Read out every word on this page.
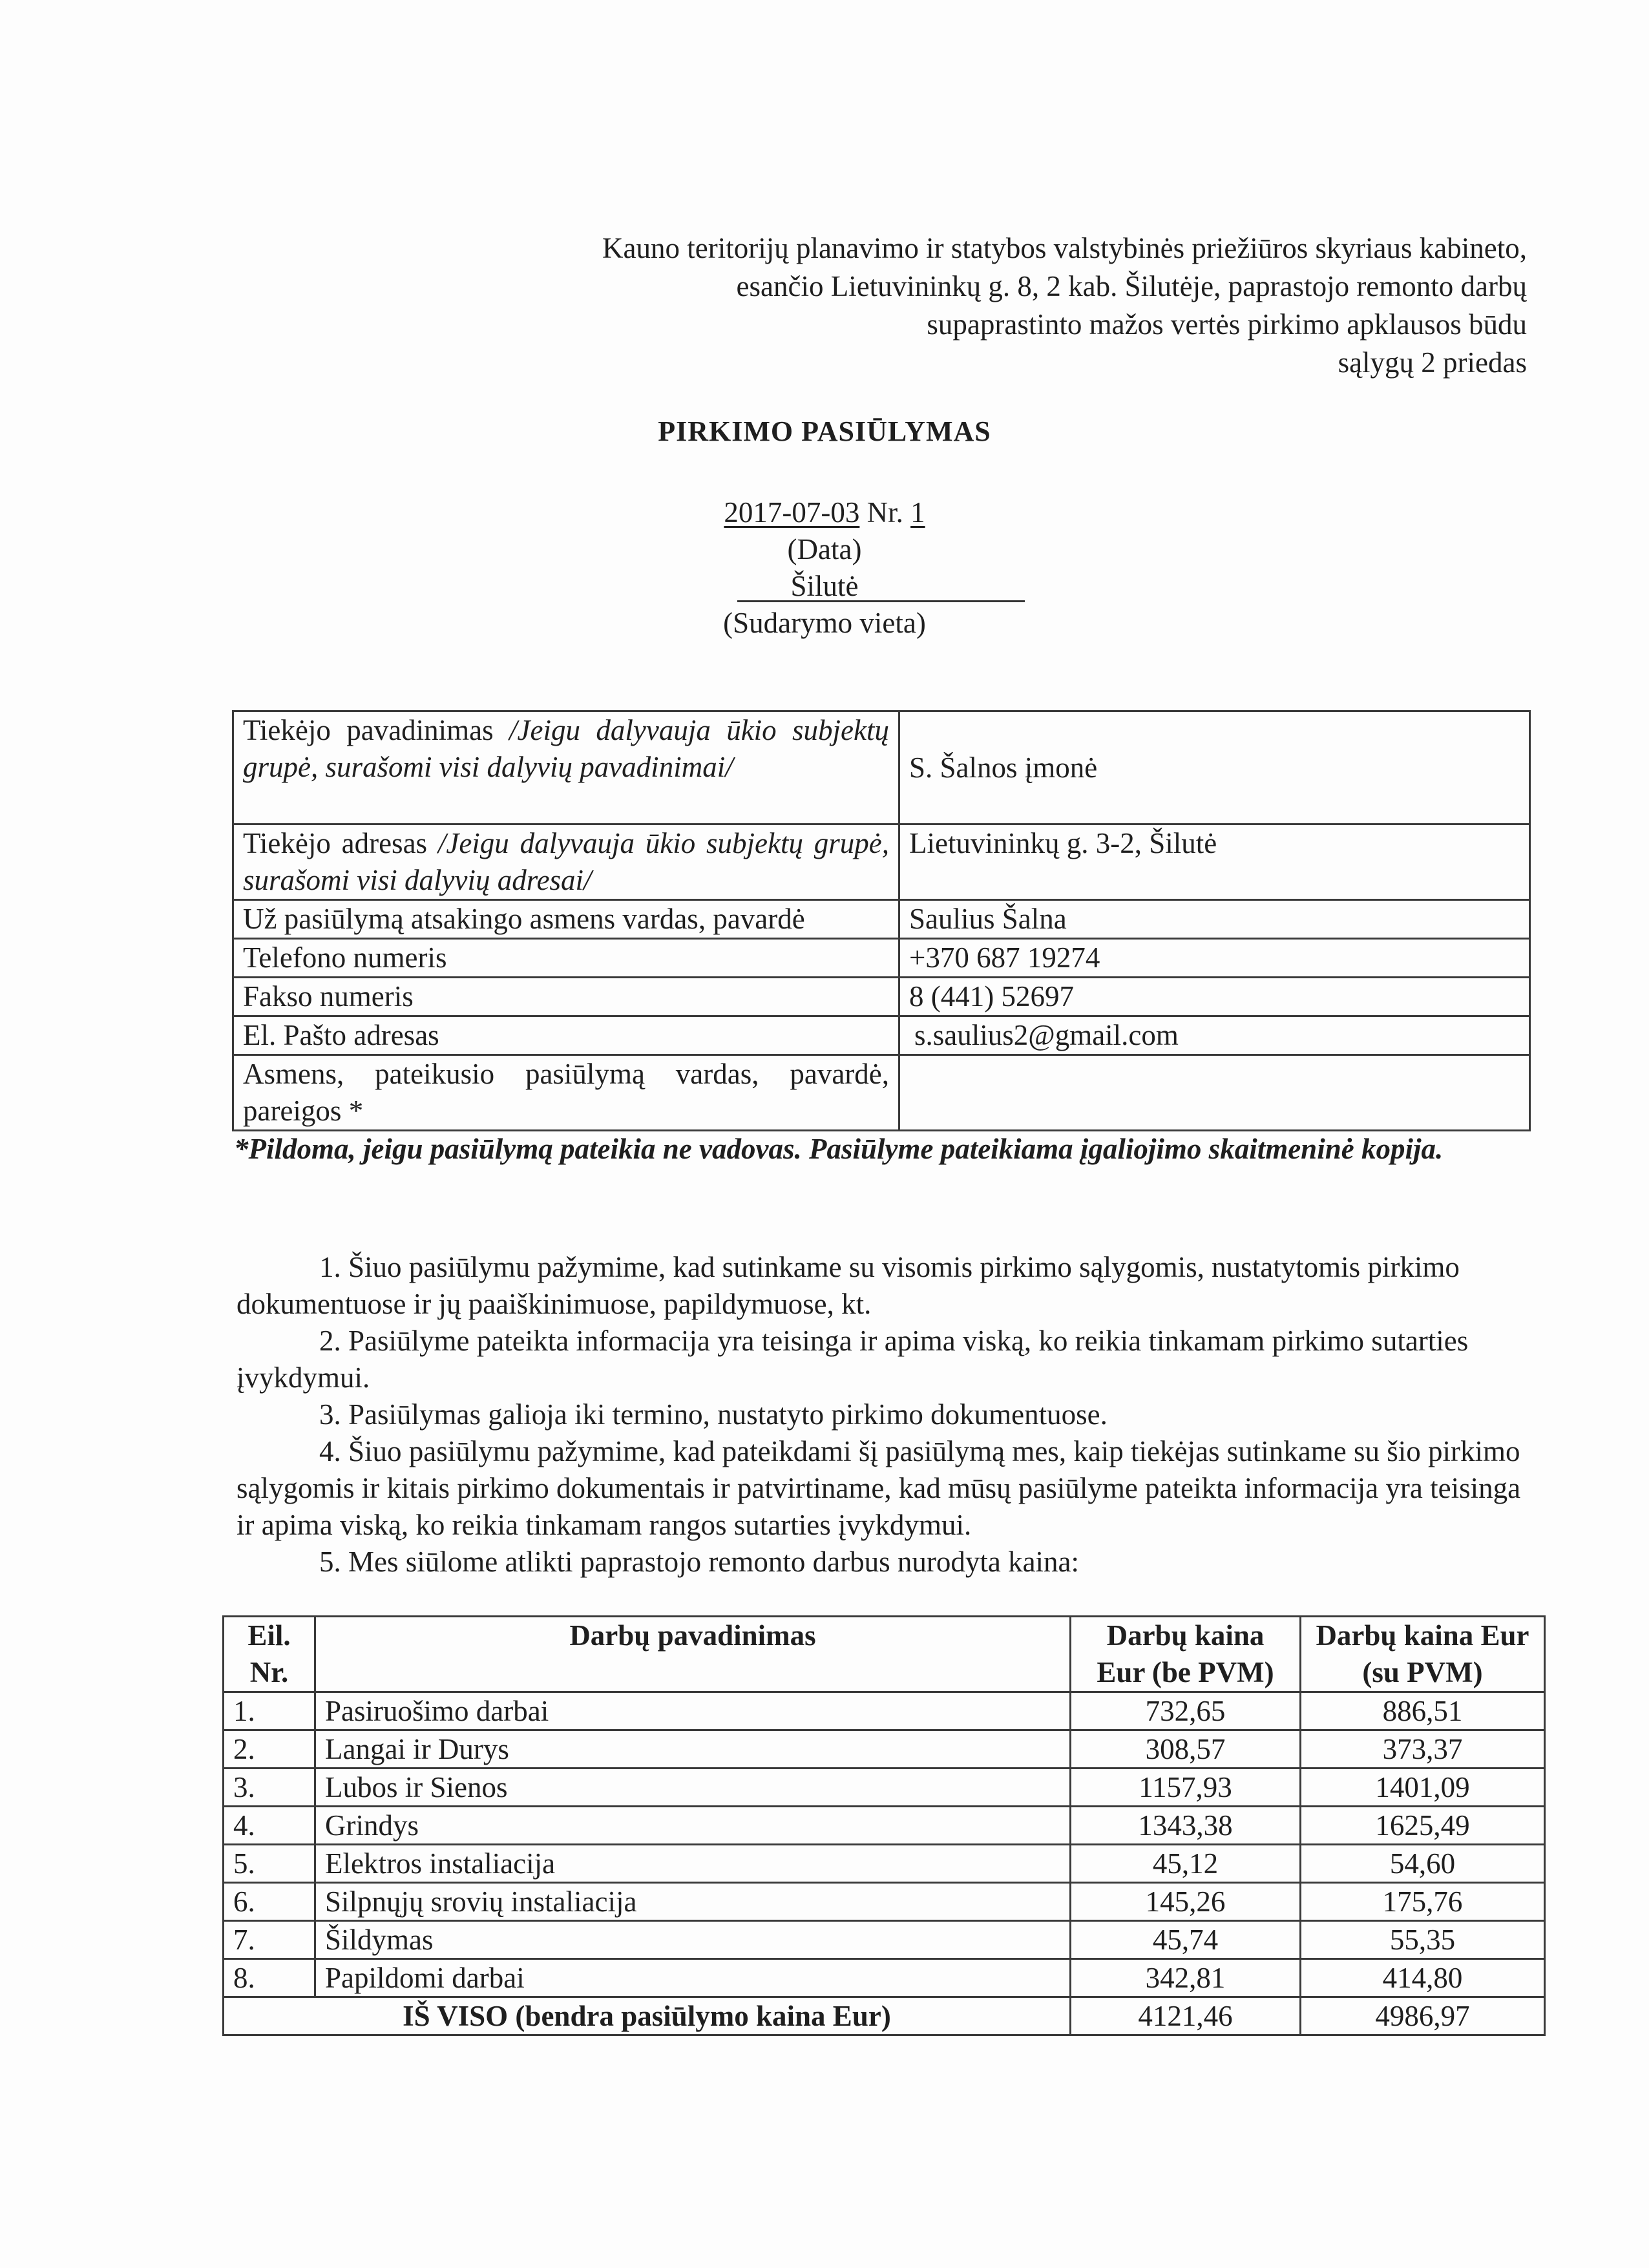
Kauno teritorijų planavimo ir statybos valstybinės priežiūros skyriaus kabineto,
esančio Lietuvininkų g. 8, 2 kab. Šilutėje, paprastojo remonto darbų
supaprastinto mažos vertės pirkimo apklausos būdu
sąlygų 2 priedas
PIRKIMO PASIŪLYMAS
2017-07-03 Nr. 1
(Data)
Šilutė
(Sudarymo vieta)
Tiekėjo pavadinimas /Jeigu dalyvauja ūkio subjektų grupė, surašomi visi dalyvių pavadinimai/	S. Šalnos įmonė
Tiekėjo adresas /Jeigu dalyvauja ūkio subjektų grupė, surašomi visi dalyvių adresai/	Lietuvininkų g. 3-2, Šilutė
Už pasiūlymą atsakingo asmens vardas, pavardė	Saulius Šalna
Telefono numeris	+370 687 19274
Fakso numeris	8 (441) 52697
El. Pašto adresas	s.saulius2@gmail.com
Asmens, pateikusio pasiūlymą vardas, pavardė, pareigos *	
*Pildoma, jeigu pasiūlymą pateikia ne vadovas. Pasiūlyme pateikiama įgaliojimo skaitmeninė kopija.
1. Šiuo pasiūlymu pažymime, kad sutinkame su visomis pirkimo sąlygomis, nustatytomis pirkimo dokumentuose ir jų paaiškinimuose, papildymuose, kt.
2. Pasiūlyme pateikta informacija yra teisinga ir apima viską, ko reikia tinkamam pirkimo sutarties įvykdymui.
3. Pasiūlymas galioja iki termino, nustatyto pirkimo dokumentuose.
4. Šiuo pasiūlymu pažymime, kad pateikdami šį pasiūlymą mes, kaip tiekėjas sutinkame su šio pirkimo sąlygomis ir kitais pirkimo dokumentais ir patvirtiname, kad mūsų pasiūlyme pateikta informacija yra teisinga ir apima viską, ko reikia tinkamam rangos sutarties įvykdymui.
5. Mes siūlome atlikti paprastojo remonto darbus nurodyta kaina:
Eil. Nr.	Darbų pavadinimas	Darbų kaina Eur (be PVM)	Darbų kaina Eur (su PVM)
1.	Pasiruošimo darbai	732,65	886,51
2.	Langai ir Durys	308,57	373,37
3.	Lubos ir Sienos	1157,93	1401,09
4.	Grindys	1343,38	1625,49
5.	Elektros instaliacija	45,12	54,60
6.	Silpnųjų srovių instaliacija	145,26	175,76
7.	Šildymas	45,74	55,35
8.	Papildomi darbai	342,81	414,80
IŠ VISO (bendra pasiūlymo kaina Eur)		4121,46	4986,97
